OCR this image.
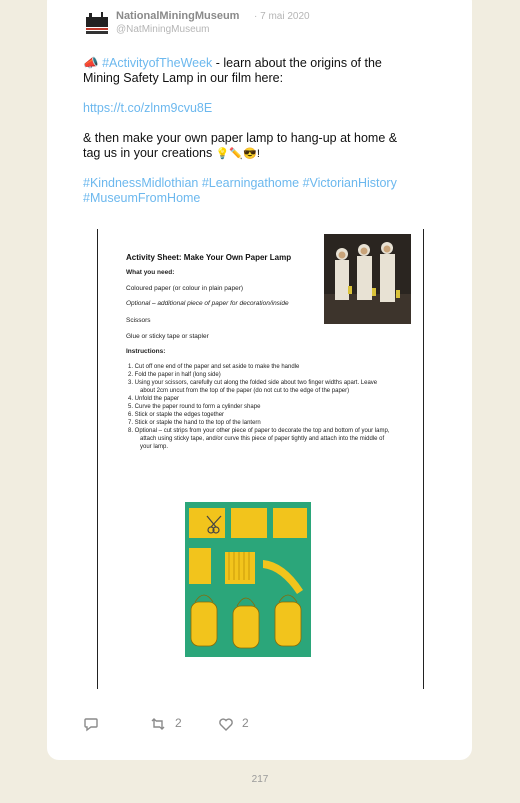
NationalMiningMuseum · 7 mai 2020
@NatMiningMuseum
📣 #ActivityofTheWeek - learn about the origins of the
Mining Safety Lamp in our film here:
https://t.co/zlnm9cvu8E
& then make your own paper lamp to hang-up at home &
tag us in your creations 💡✏️😎!
#KindnessMidlothian #Learningathome #VictorianHistory
#MuseumFromHome
Activity Sheet: Make Your Own Paper Lamp
What you need:
Coloured paper (or colour in plain paper)
Optional – additional piece of paper for decoration/inside
Scissors
Glue or sticky tape or stapler
Instructions:
1. Cut off one end of the paper and set aside to make the handle
2. Fold the paper in half (long side)
3. Using your scissors, carefully cut along the folded side about two finger widths apart. Leave about 2cm uncut from the top of the paper (do not cut to the edge of the paper)
4. Unfold the paper
5. Curve the paper round to form a cylinder shape
6. Stick or staple the edges together
7. Stick or staple the hand to the top of the lantern
8. Optional – cut strips from your other piece of paper to decorate the top and bottom of your lamp, attach using sticky tape, and/or curve this piece of paper tightly and attach into the middle of your lamp.
2	2
217
